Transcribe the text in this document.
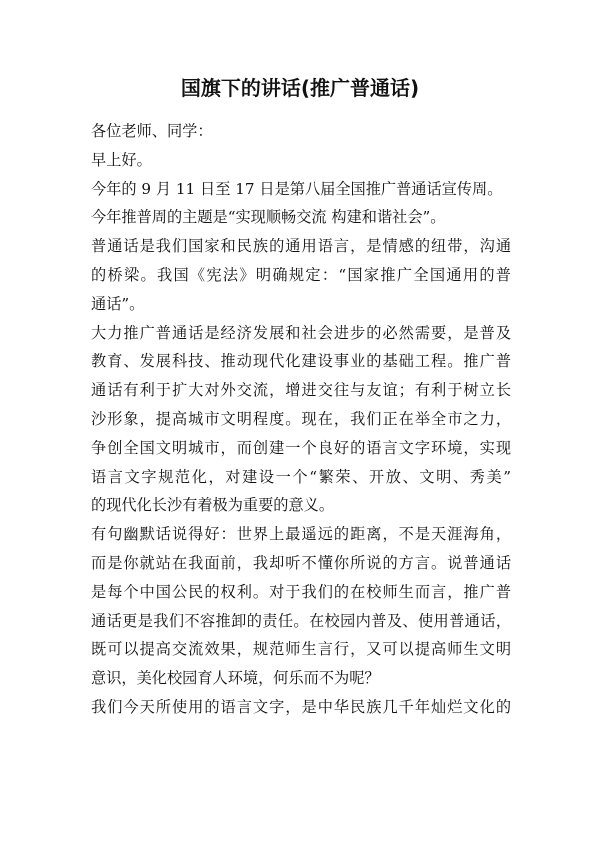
国旗下的讲话(推广普通话)
各位老师、同学：
早上好。
今年的 9 月 11 日至 17 日是第八届全国推广普通话宣传周。
今年推普周的主题是“实现顺畅交流 构建和谐社会”。
普通话是我们国家和民族的通用语言，是情感的纽带，沟通
的桥梁。我国《宪法》明确规定：“国家推广全国通用的普
通话”。
大力推广普通话是经济发展和社会进步的必然需要，是普及
教育、发展科技、推动现代化建设事业的基础工程。推广普
通话有利于扩大对外交流，增进交往与友谊；有利于树立长
沙形象，提高城市文明程度。现在，我们正在举全市之力，
争创全国文明城市，而创建一个良好的语言文字环境，实现
语言文字规范化，对建设一个“繁荣、开放、文明、秀美”
的现代化长沙有着极为重要的意义。
有句幽默话说得好：世界上最遥远的距离，不是天涯海角，
而是你就站在我面前，我却听不懂你所说的方言。说普通话
是每个中国公民的权利。对于我们的在校师生而言，推广普
通话更是我们不容推卸的责任。在校园内普及、使用普通话，
既可以提高交流效果，规范师生言行，又可以提高师生文明
意识，美化校园育人环境，何乐而不为呢？
我们今天所使用的语言文字，是中华民族几千年灿烂文化的
